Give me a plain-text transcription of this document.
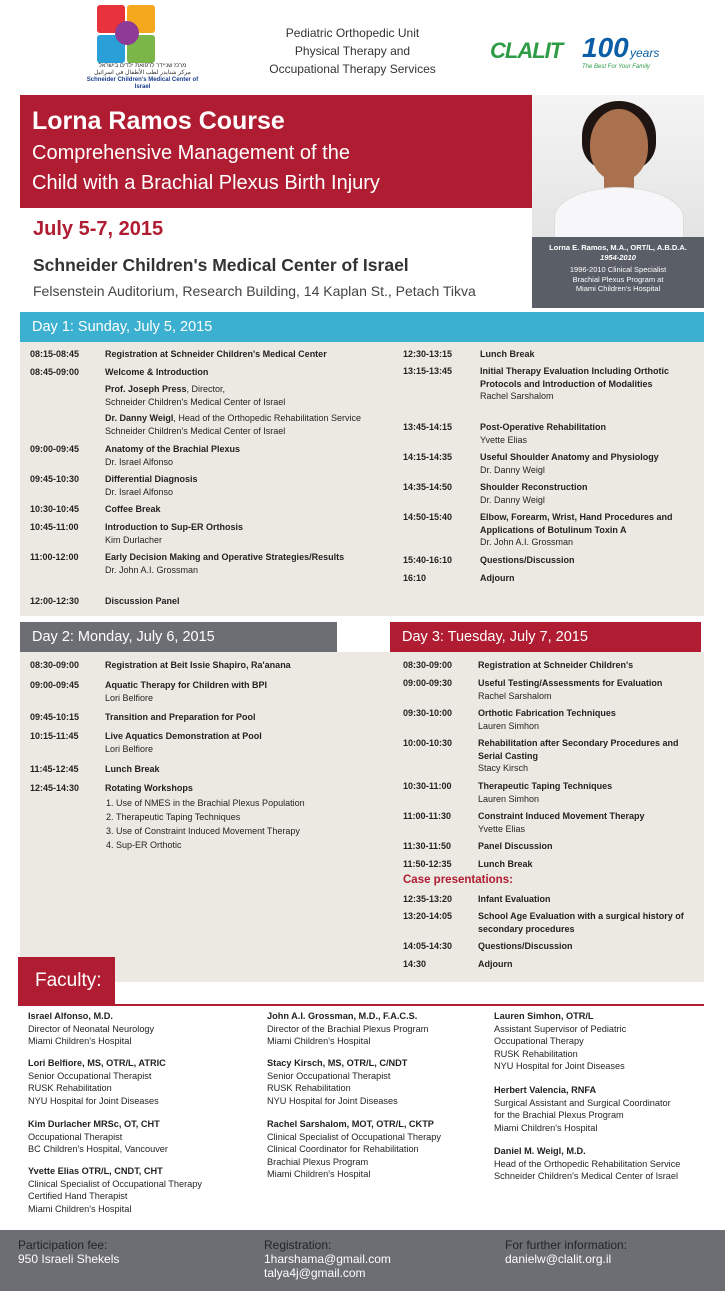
מרכז שניידר לרפואת ילדים בישראל
مركز شنايدر لطب الأطفال في اسرائيل
Schneider Children's Medical Center of Israel
Pediatric Orthopedic Unit
Physical Therapy and
Occupational Therapy Services
CLALIT 100 years
The Best For Your Family
Lorna Ramos Course
Comprehensive Management of the
Child with a Brachial Plexus Birth Injury
Lorna E. Ramos, M.A., ORT/L, A.B.D.A.
1954-2010
1996-2010 Clinical Specialist
Brachial Plexus Program at
Miami Children's Hospital
July 5-7, 2015
Schneider Children's Medical Center of Israel
Felsenstein Auditorium, Research Building, 14 Kaplan St., Petach Tikva
Day 1: Sunday, July 5, 2015
Day 2: Monday, July 6, 2015	Day 3: Tuesday, July 7, 2015
Case presentations:
08:15-08:45	Registration at Schneider Children's Medical Center
08:45-09:00	Welcome & Introduction
Prof. Joseph Press, Director,
Schneider Children's Medical Center of Israel
Dr. Danny Weigl, Head of the Orthopedic Rehabilitation Service
Schneider Children's Medical Center of Israel
09:00-09:45	Anatomy of the Brachial Plexus
Dr. Israel Alfonso
09:45-10:30	Differential Diagnosis
Dr. Israel Alfonso
10:30-10:45	Coffee Break
10:45-11:00	Introduction to Sup-ER Orthosis
Kim Durlacher
11:00-12:00	Early Decision Making and Operative Strategies/Results
Dr. John A.I. Grossman
12:00-12:30	Discussion Panel
12:30-13:15	Lunch Break
13:15-13:45	Initial Therapy Evaluation Including Orthotic Protocols and Introduction of Modalities
Rachel Sarshalom
13:45-14:15	Post-Operative Rehabilitation
Yvette Elias
14:15-14:35	Useful Shoulder Anatomy and Physiology
Dr. Danny Weigl
14:35-14:50	Shoulder Reconstruction
Dr. Danny Weigl
14:50-15:40	Elbow, Forearm, Wrist, Hand Procedures and Applications of Botulinum Toxin A
Dr. John A.I. Grossman
15:40-16:10	Questions/Discussion
16:10	Adjourn
08:30-09:00	Registration at Beit Issie Shapiro, Ra'anana
09:00-09:45	Aquatic Therapy for Children with BPI
Lori Belfiore
09:45-10:15	Transition and Preparation for Pool
10:15-11:45	Live Aquatics Demonstration at Pool
Lori Belfiore
11:45-12:45	Lunch Break
12:45-14:30	Rotating Workshops
1. Use of NMES in the Brachial Plexus Population
2. Therapeutic Taping Techniques
3. Use of Constraint Induced Movement Therapy
4. Sup-ER Orthotic
08:30-09:00	Registration at Schneider Children's
09:00-09:30	Useful Testing/Assessments for Evaluation
Rachel Sarshalom
09:30-10:00	Orthotic Fabrication Techniques
Lauren Simhon
10:00-10:30	Rehabilitation after Secondary Procedures and Serial Casting
Stacy Kirsch
10:30-11:00	Therapeutic Taping Techniques
Lauren Simhon
11:00-11:30	Constraint Induced Movement Therapy
Yvette Elias
11:30-11:50	Panel Discussion
11:50-12:35	Lunch Break
12:35-13:20	Infant Evaluation
13:20-14:05	School Age Evaluation with a surgical history of secondary procedures
14:05-14:30	Questions/Discussion
14:30	Adjourn
Faculty:
Israel Alfonso, M.D.
Director of Neonatal Neurology
Miami Children's Hospital
Lori Belfiore, MS, OTR/L, ATRIC
Senior Occupational Therapist
RUSK Rehabilitation
NYU Hospital for Joint Diseases
Kim Durlacher MRSc, OT, CHT
Occupational Therapist
BC Children's Hospital, Vancouver
Yvette Elias OTR/L, CNDT, CHT
Clinical Specialist of Occupational Therapy
Certified Hand Therapist
Miami Children's Hospital
John A.I. Grossman, M.D., F.A.C.S.
Director of the Brachial Plexus Program
Miami Children's Hospital
Stacy Kirsch, MS, OTR/L, C/NDT
Senior Occupational Therapist
RUSK Rehabilitation
NYU Hospital for Joint Diseases
Rachel Sarshalom, MOT, OTR/L, CKTP
Clinical Specialist of Occupational Therapy
Clinical Coordinator for Rehabilitation
Brachial Plexus Program
Miami Children's Hospital
Lauren Simhon, OTR/L
Assistant Supervisor of Pediatric
Occupational Therapy
RUSK Rehabilitation
NYU Hospital for Joint Diseases
Herbert Valencia, RNFA
Surgical Assistant and Surgical Coordinator
for the Brachial Plexus Program
Miami Children's Hospital
Daniel M. Weigl, M.D.
Head of the Orthopedic Rehabilitation Service
Schneider Children's Medical Center of Israel
Participation fee:
950 Israeli Shekels
Registration:
1harshama@gmail.com
talya4j@gmail.com
For further information:
danielw@clalit.org.il
